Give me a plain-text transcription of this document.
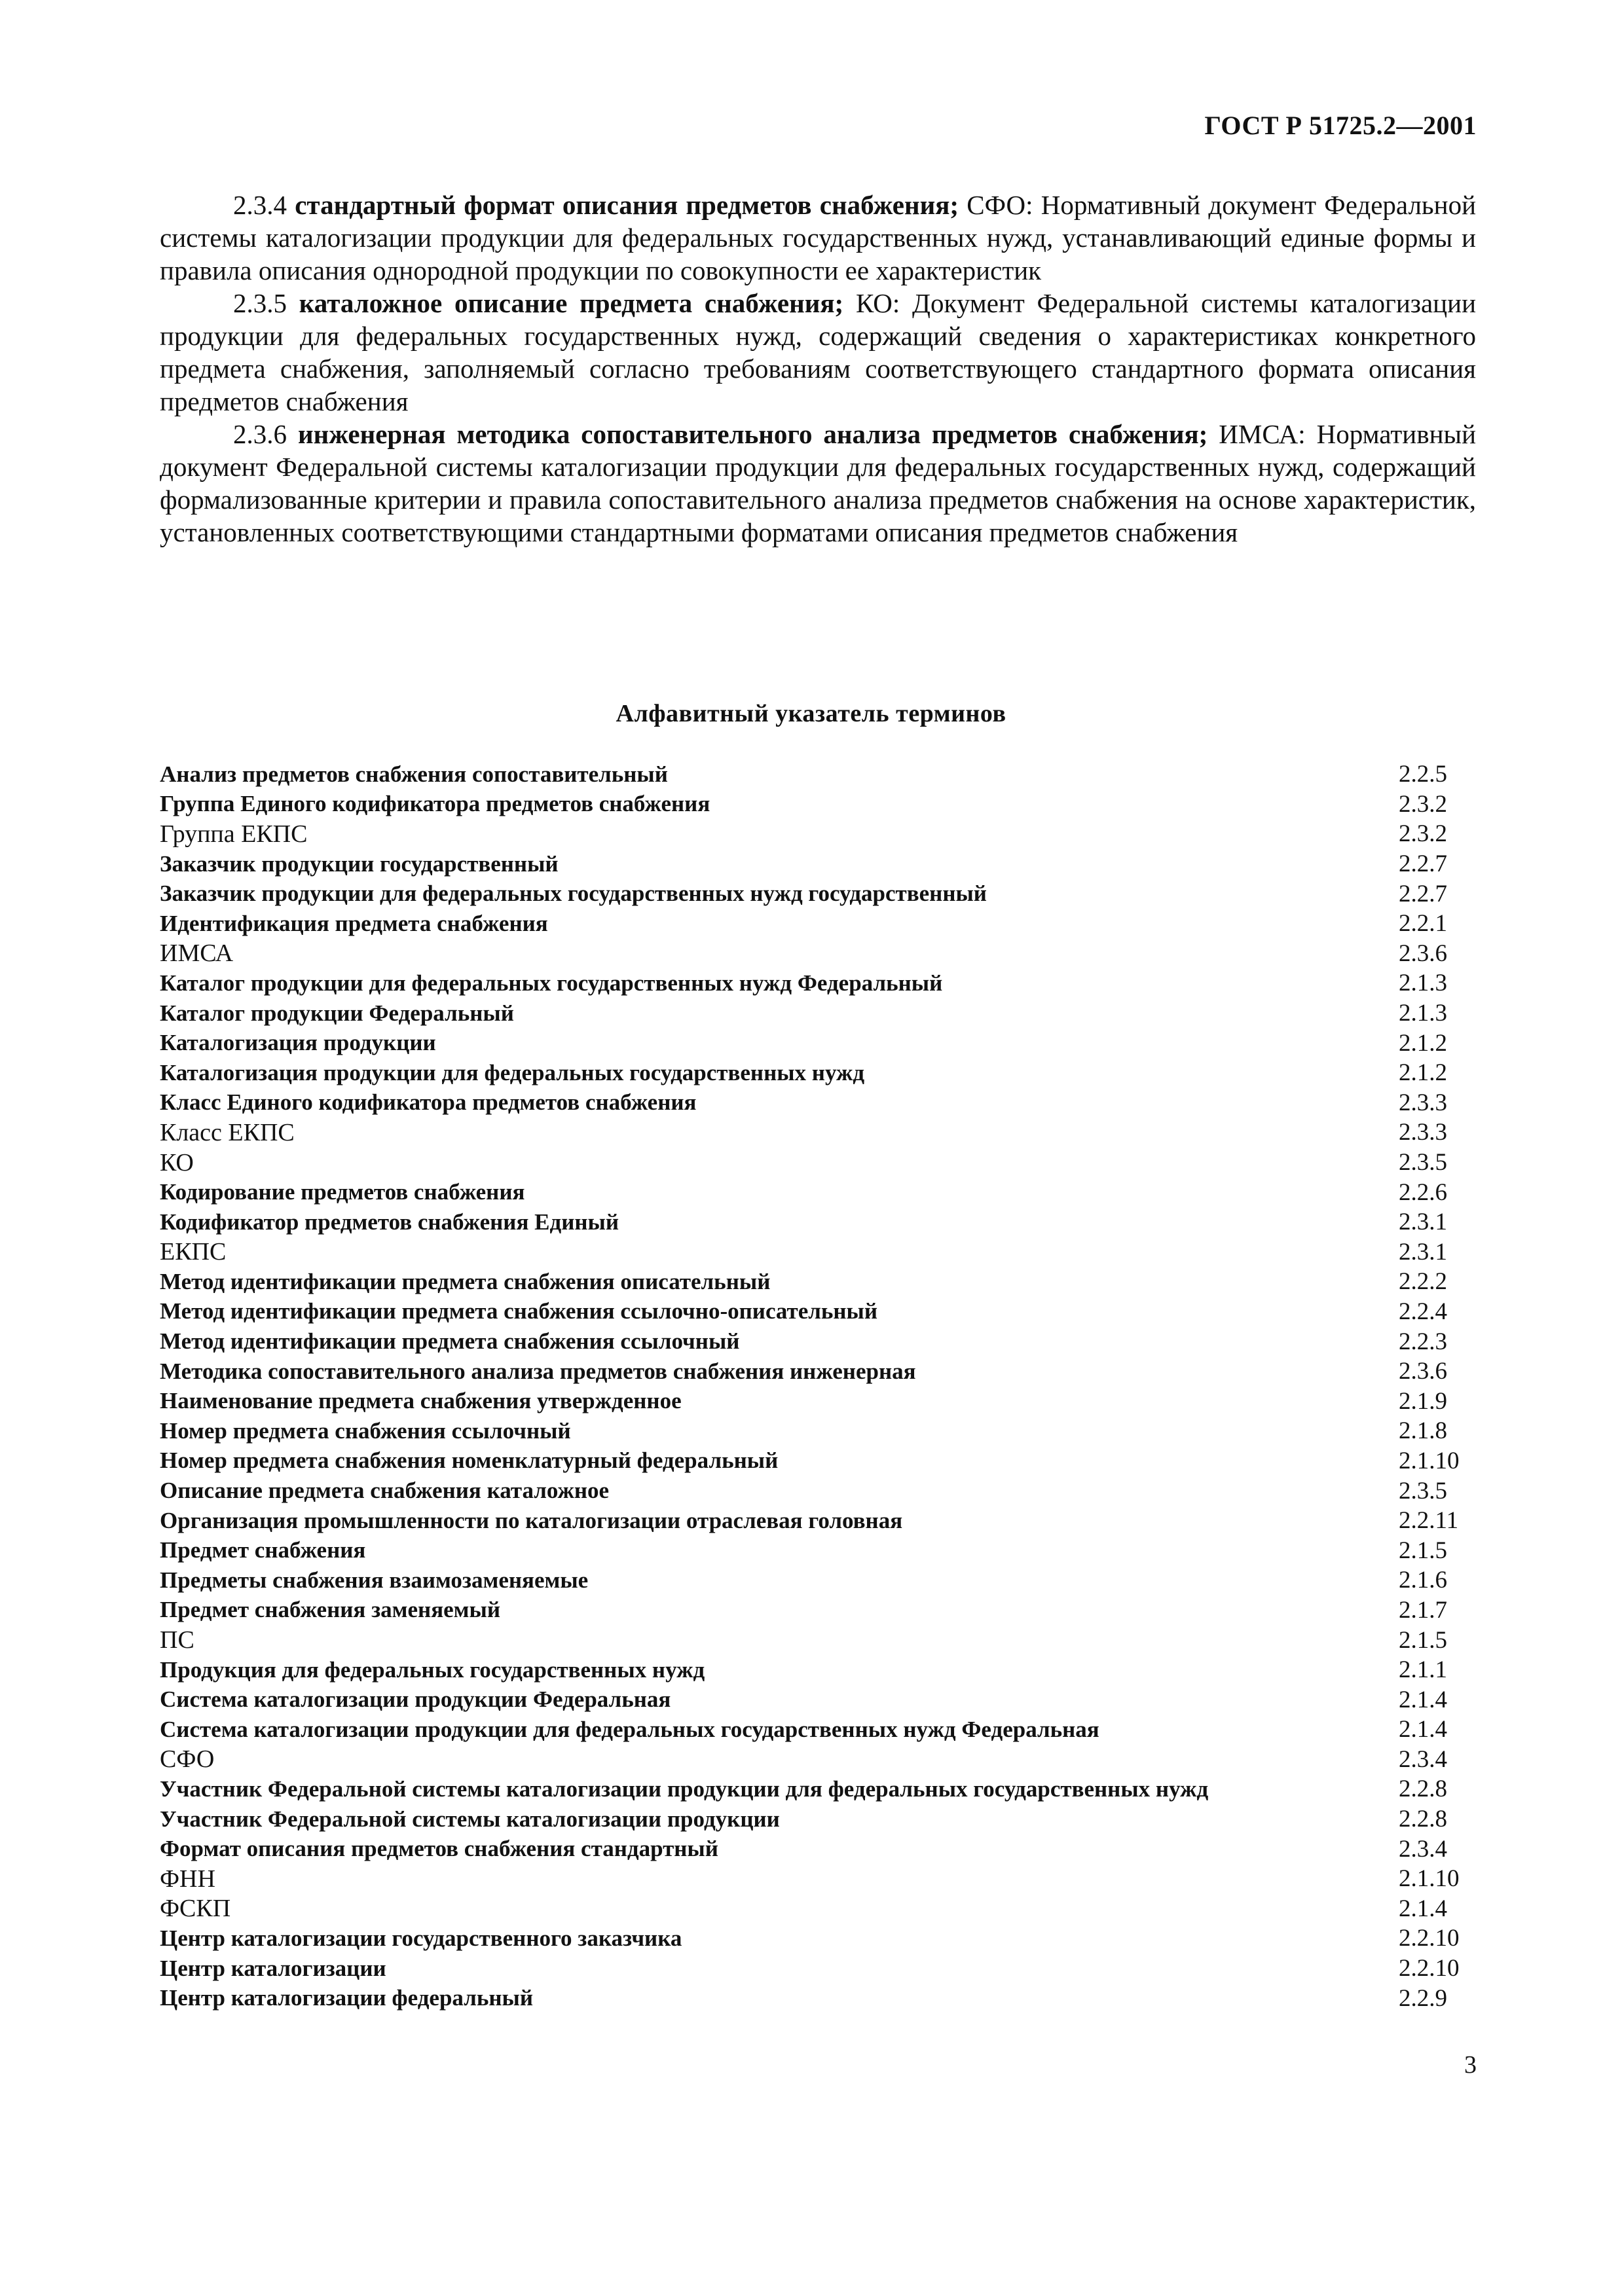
ГОСТ Р 51725.2—2001

2.3.4 стандартный формат описания предметов снабжения; СФО: Нормативный документ Федеральной системы каталогизации продукции для федеральных государственных нужд, устанавливающий единые формы и правила описания однородной продукции по совокупности ее характеристик

2.3.5 каталожное описание предмета снабжения; КО: Документ Федеральной системы каталогизации продукции для федеральных государственных нужд, содержащий сведения о характеристиках конкретного предмета снабжения, заполняемый согласно требованиям соответствующего стандартного формата описания предметов снабжения

2.3.6 инженерная методика сопоставительного анализа предметов снабжения; ИМСА: Нормативный документ Федеральной системы каталогизации продукции для федеральных государственных нужд, содержащий формализованные критерии и правила сопоставительного анализа предметов снабжения на основе характеристик, установленных соответствующими стандартными форматами описания предметов снабжения

Алфавитный указатель терминов
Анализ предметов снабжения сопоставительный	2.2.5
Группа Единого кодификатора предметов снабжения	2.3.2
Группа ЕКПС	2.3.2
Заказчик продукции государственный	2.2.7
Заказчик продукции для федеральных государственных нужд государственный	2.2.7
Идентификация предмета снабжения	2.2.1
ИМСА	2.3.6
Каталог продукции для федеральных государственных нужд Федеральный	2.1.3
Каталог продукции Федеральный	2.1.3
Каталогизация продукции	2.1.2
Каталогизация продукции для федеральных государственных нужд	2.1.2
Класс Единого кодификатора предметов снабжения	2.3.3
Класс ЕКПС	2.3.3
КО	2.3.5
Кодирование предметов снабжения	2.2.6
Кодификатор предметов снабжения Единый	2.3.1
ЕКПС	2.3.1
Метод идентификации предмета снабжения описательный	2.2.2
Метод идентификации предмета снабжения ссылочно-описательный	2.2.4
Метод идентификации предмета снабжения ссылочный	2.2.3
Методика сопоставительного анализа предметов снабжения инженерная	2.3.6
Наименование предмета снабжения утвержденное	2.1.9
Номер предмета снабжения ссылочный	2.1.8
Номер предмета снабжения номенклатурный федеральный	2.1.10
Описание предмета снабжения каталожное	2.3.5
Организация промышленности по каталогизации отраслевая головная	2.2.11
Предмет снабжения	2.1.5
Предметы снабжения взаимозаменяемые	2.1.6
Предмет снабжения заменяемый	2.1.7
ПС	2.1.5
Продукция для федеральных государственных нужд	2.1.1
Система каталогизации продукции Федеральная	2.1.4
Система каталогизации продукции для федеральных государственных нужд Федеральная	2.1.4
СФО	2.3.4
Участник Федеральной системы каталогизации продукции для федеральных государственных нужд	2.2.8
Участник Федеральной системы каталогизации продукции	2.2.8
Формат описания предметов снабжения стандартный	2.3.4
ФНН	2.1.10
ФСКП	2.1.4
Центр каталогизации государственного заказчика	2.2.10
Центр каталогизации	2.2.10
Центр каталогизации федеральный	2.2.9
3
